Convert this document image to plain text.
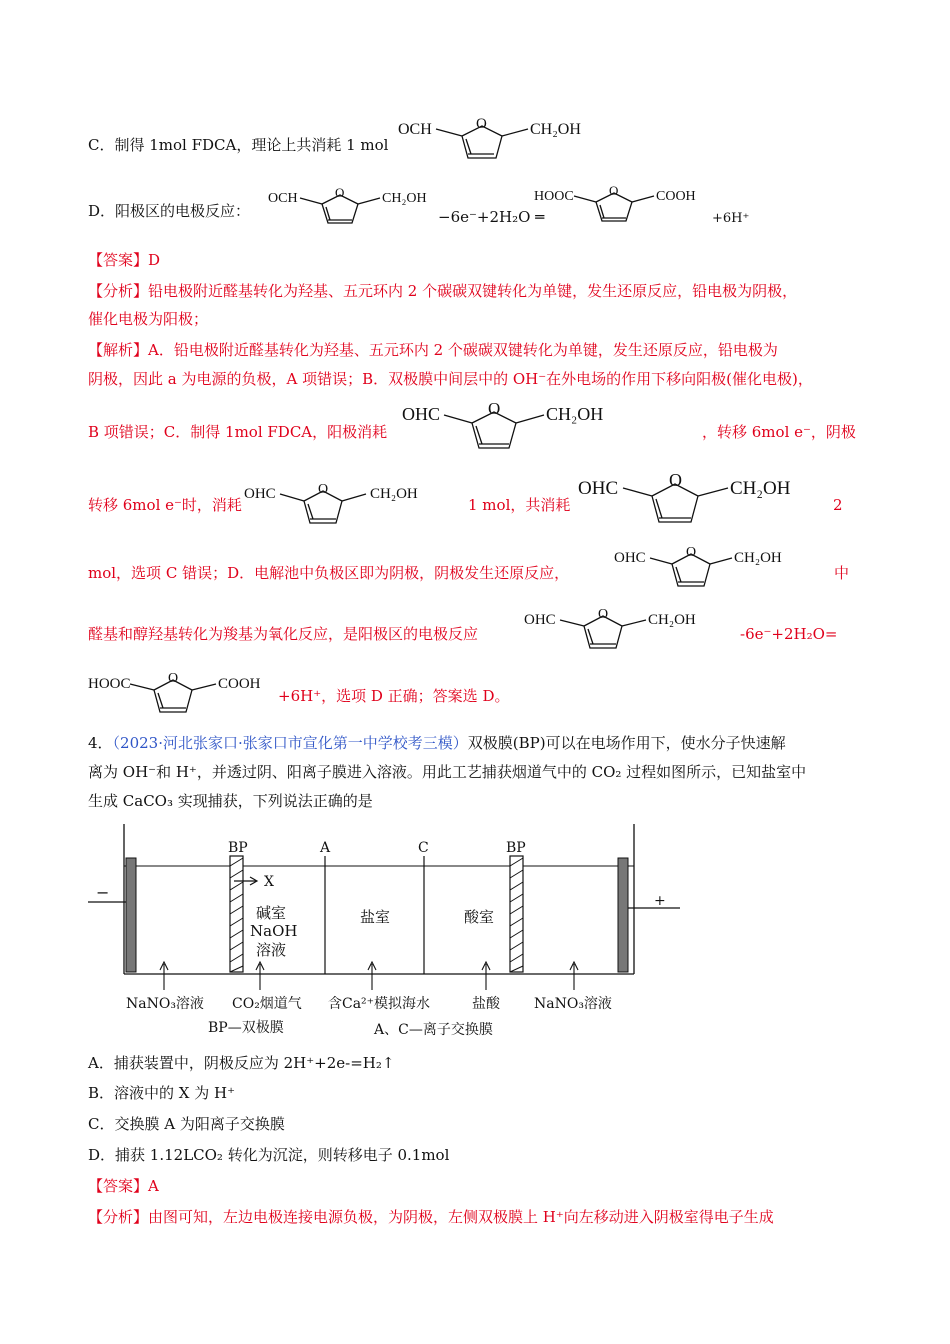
C．制得 1mol FDCA，理论上共消耗 1 mol
OCH	O	CH₂OH
D．阳极区的电极反应：
OCH	O	CH₂OH
−6e⁻+2H₂O ═
HOOC	O	COOH
+6H⁺
【答案】D
【分析】铅电极附近醛基转化为羟基、五元环内 2 个碳碳双键转化为单键，发生还原反应，铅电极为阴极，
催化电极为阳极；
【解析】A．铅电极附近醛基转化为羟基、五元环内 2 个碳碳双键转化为单键，发生还原反应，铅电极为
阴极，因此 a 为电源的负极，A 项错误；B．双极膜中间层中的 OH⁻在外电场的作用下移向阳极(催化电极)，
B 项错误；C．制得 1mol FDCA，阳极消耗
OHC	O	CH₂OH
，转移 6mol e⁻，阴极
转移 6mol e⁻时，消耗
OHC	O	CH₂OH
1 mol，共消耗
OHC	O	CH₂OH
2
mol，选项 C 错误；D．电解池中负极区即为阴极，阴极发生还原反应，
OHC	O	CH₂OH
中
醛基和醇羟基转化为羧基为氧化反应，是阳极区的电极反应
OHC	O	CH₂OH
-6e⁻+2H₂O=
HOOC	O	COOH
+6H⁺，选项 D 正确；答案选 D。
4．（2023·河北张家口·张家口市宣化第一中学校考三模）双极膜(BP)可以在电场作用下，使水分子快速解
离为 OH⁻和 H⁺，并透过阴、阳离子膜进入溶液。用此工艺捕获烟道气中的 CO₂ 过程如图所示，已知盐室中
生成 CaCO₃ 实现捕获，下列说法正确的是
−	+
BP	BP
A	C
X
碱室
NaOH
溶液
盐室	酸室
NaNO₃溶液 CO₂烟道气 含Ca²⁺模拟海水	盐酸 NaNO₃溶液
BP—双极膜	A、C—离子交换膜
A．捕获装置中，阴极反应为 2H⁺+2e-=H₂↑
B．溶液中的 X 为 H⁺
C．交换膜 A 为阳离子交换膜
D．捕获 1.12LCO₂ 转化为沉淀，则转移电子 0.1mol
【答案】A
【分析】由图可知，左边电极连接电源负极，为阴极，左侧双极膜上 H⁺向左移动进入阴极室得电子生成
